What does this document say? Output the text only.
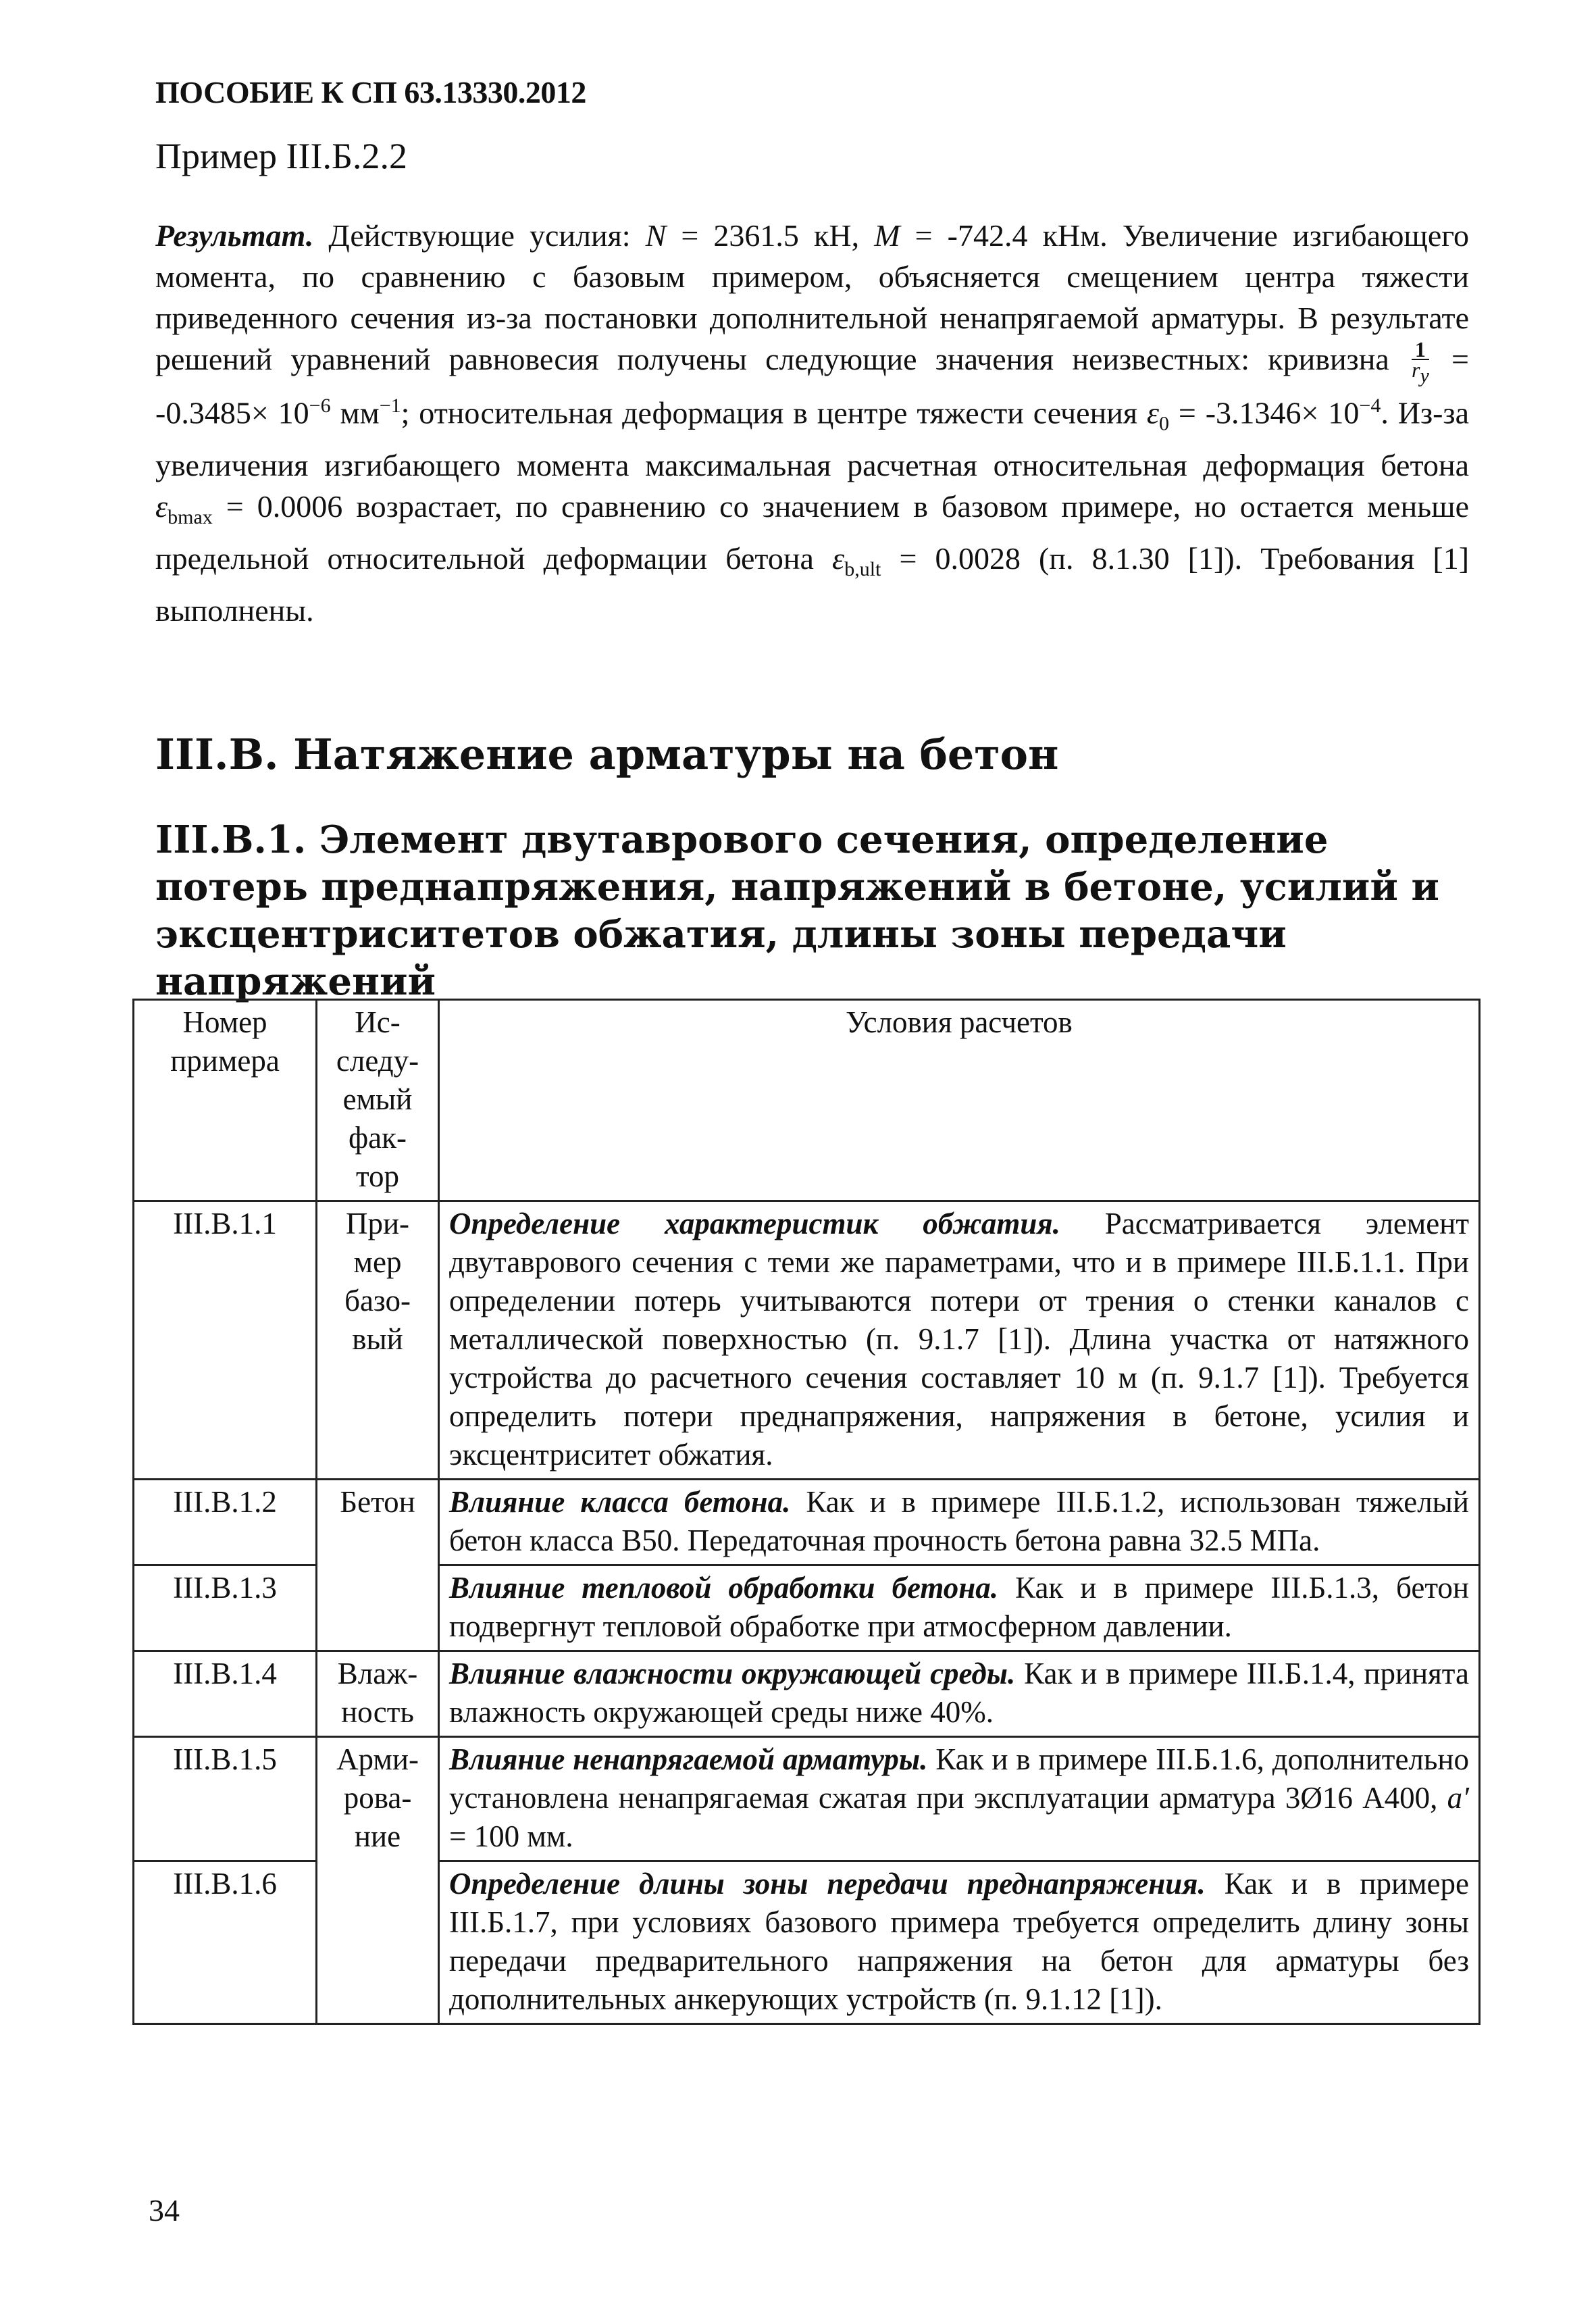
ПОСОБИЕ К СП 63.13330.2012
Пример III.Б.2.2
Результат. Действующие усилия: N = 2361.5 кН, M = -742.4 кНм. Увеличение изгибающего момента, по сравнению с базовым примером, объясняется смещением центра тяжести приведенного сечения из-за постановки дополнительной ненапрягаемой арматуры. В результате решений уравнений равновесия получены следующие значения неизвестных: кривизна $\frac{1}{r_y} = -0.3485\times 10^{-6}$ $мм^{-1}$; относительная деформация в центре тяжести сечения $\varepsilon_0 = -3.1346\times 10^{-4}$. Из-за увеличения изгибающего момента максимальная расчетная относительная деформация бетона $\varepsilon_{bmax} = 0.0006$ возрастает, по сравнению со значением в базовом примере, но остается меньше предельной относительной деформации бетона $\varepsilon_{b,ult} = 0.0028$ (п. 8.1.30 [1]). Требования [1] выполнены.
III.В. Натяжение арматуры на бетон
III.В.1. Элемент двутаврового сечения, определение потерь преднапряжения, напряжений в бетоне, усилий и эксцентриситетов обжатия, длины зоны передачи напряжений
Номер примера	Ис-следу-емый фак-тор	Условия расчетов
III.В.1.1	При-мер базо-вый	Определение характеристик обжатия. Рассматривается элемент двутаврового сечения с теми же параметрами, что и в примере III.Б.1.1. При определении потерь учитываются потери от трения о стенки каналов с металлической поверхностью (п. 9.1.7 [1]). Длина участка от натяжного устройства до расчетного сечения составляет 10 м (п. 9.1.7 [1]). Требуется определить потери преднапряжения, напряжения в бетоне, усилия и эксцентриситет обжатия.
III.В.1.2	Бетон	Влияние класса бетона. Как и в примере III.Б.1.2, использован тяжелый бетон класса В50. Передаточная прочность бетона равна 32.5 МПа.
III.В.1.3		Влияние тепловой обработки бетона. Как и в примере III.Б.1.3, бетон подвергнут тепловой обработке при атмосферном давлении.
III.В.1.4	Влаж-ность	Влияние влажности окружающей среды. Как и в примере III.Б.1.4, принята влажность окружающей среды ниже 40%.
III.В.1.5	Арми-рова-ние	Влияние ненапрягаемой арматуры. Как и в примере III.Б.1.6, дополнительно установлена ненапрягаемая сжатая при эксплуатации арматура 3Ø16 А400, a′ = 100 мм.
III.В.1.6		Определение длины зоны передачи преднапряжения. Как и в примере III.Б.1.7, при условиях базового примера требуется определить длину зоны передачи предварительного напряжения на бетон для арматуры без дополнительных анкерующих устройств (п. 9.1.12 [1]).
34
